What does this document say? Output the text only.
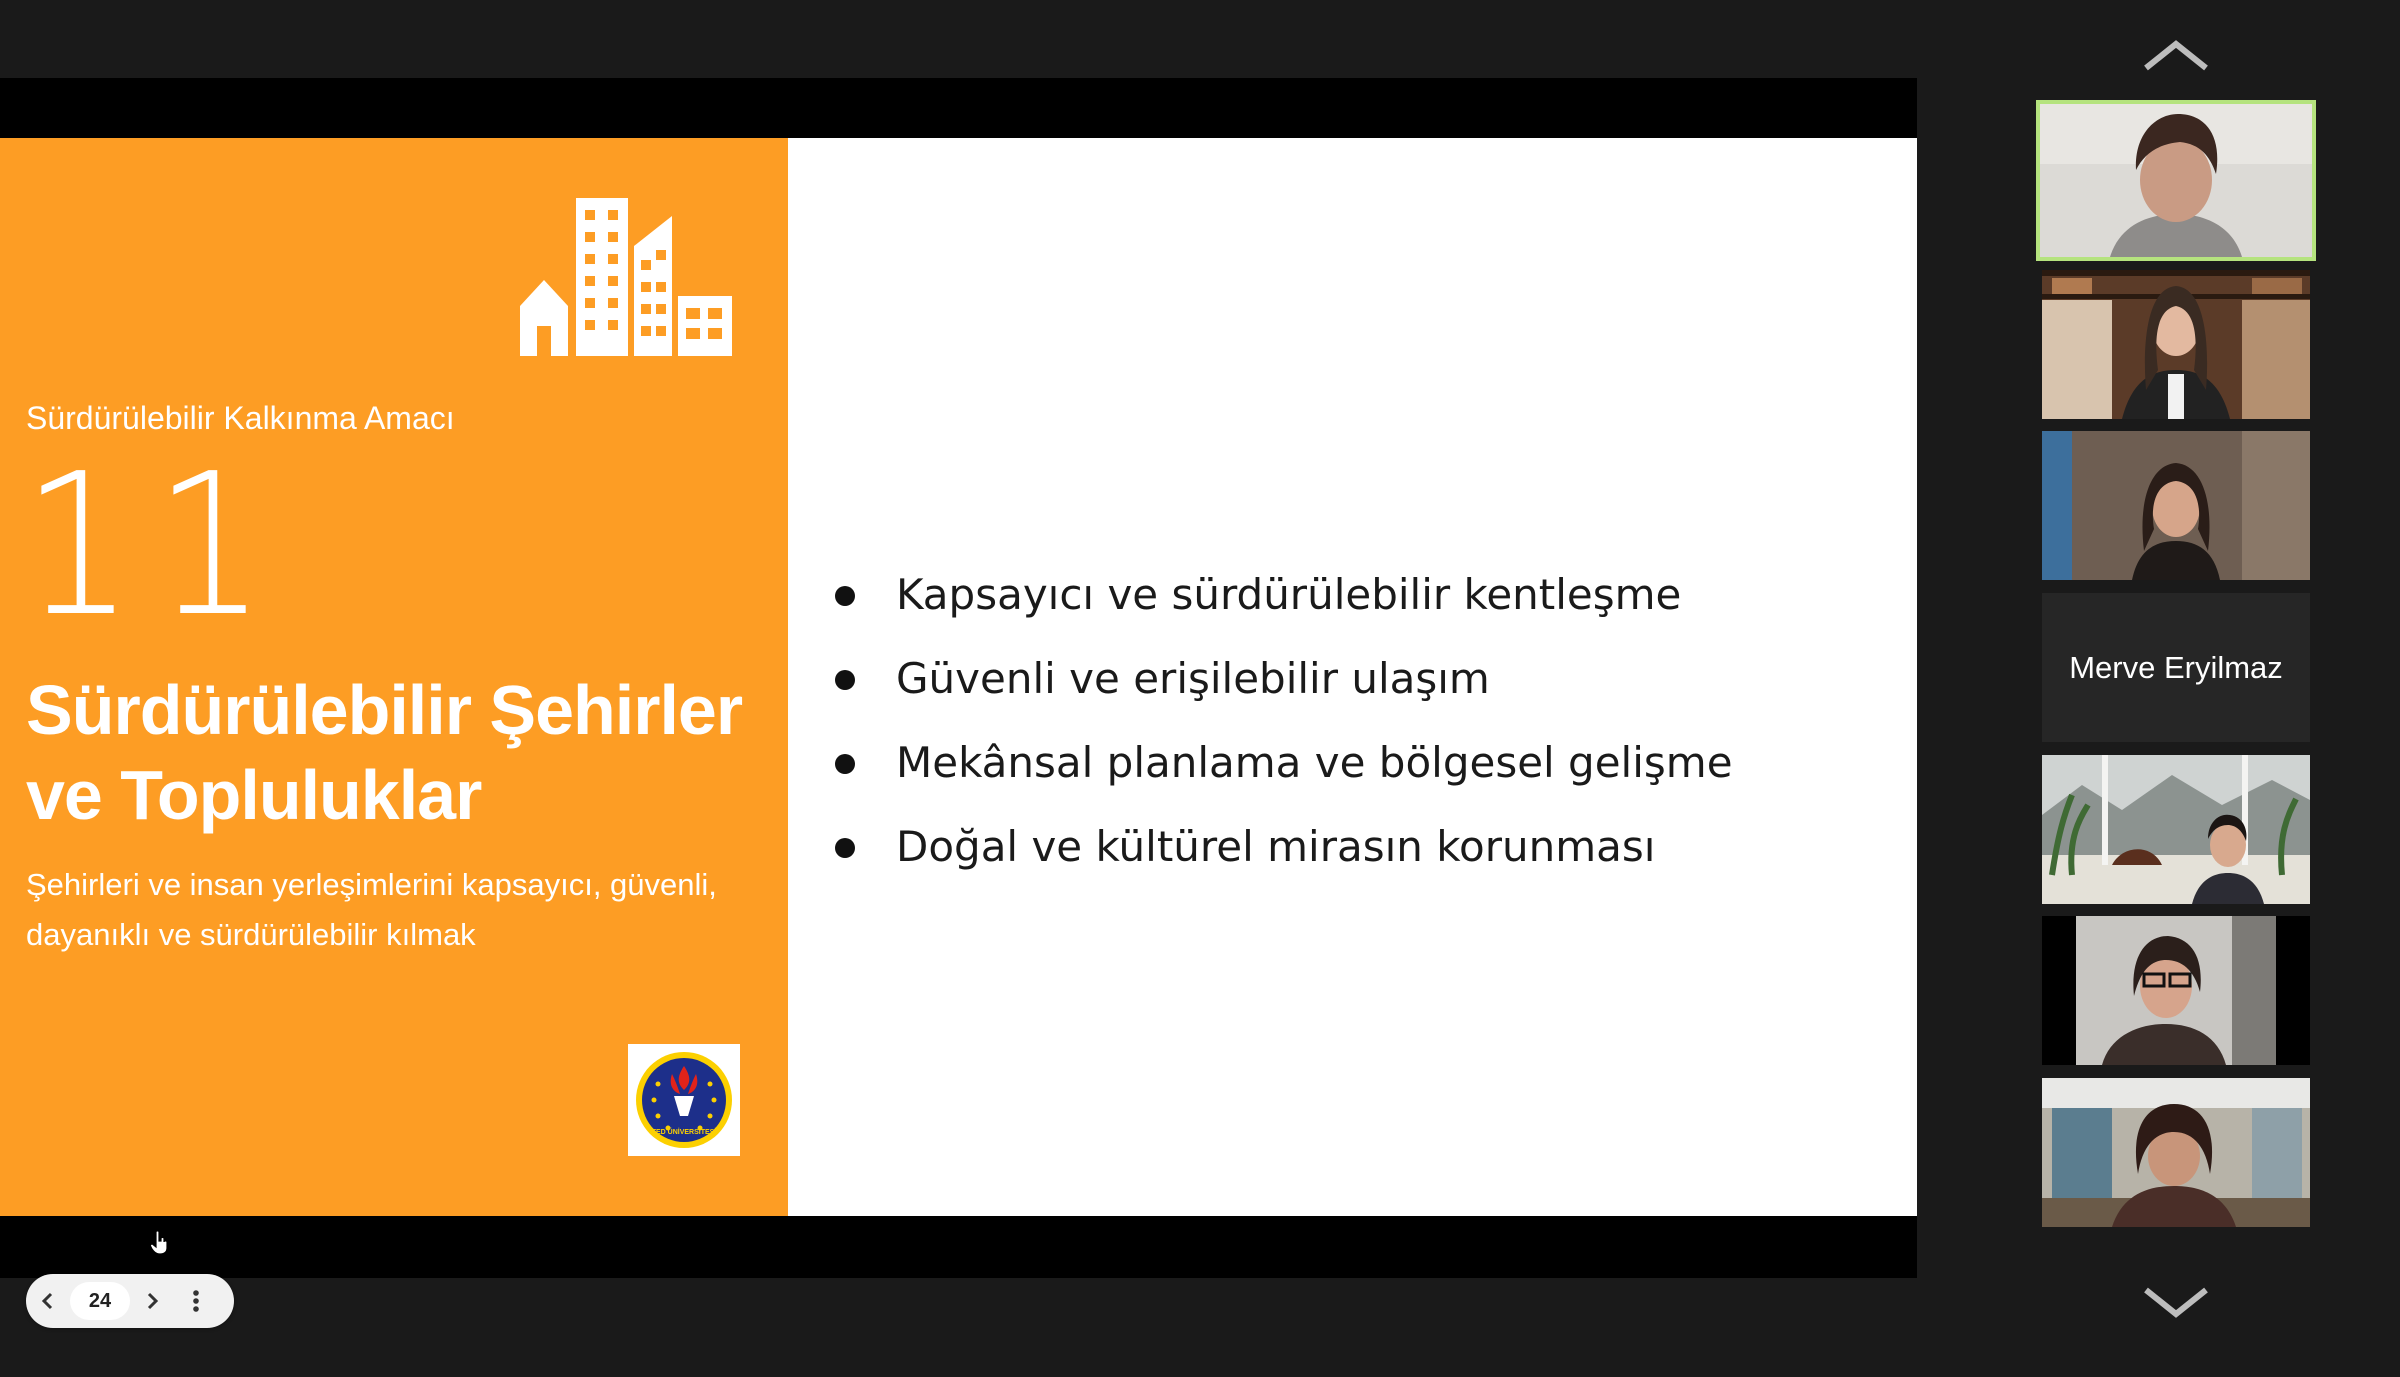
Sürdürülebilir Kalkınma Amacı
11
Sürdürülebilir Şehirler
ve Topluluklar
Şehirleri ve insan yerleşimlerini kapsayıcı, güvenli,
dayanıklı ve sürdürülebilir kılmak
TED ÜNİVERSİTESİ
Kapsayıcı ve sürdürülebilir kentleşme
Güvenli ve erişilebilir ulaşım
Mekânsal planlama ve bölgesel gelişme
Doğal ve kültürel mirasın korunması
24
Merve Eryilmaz
